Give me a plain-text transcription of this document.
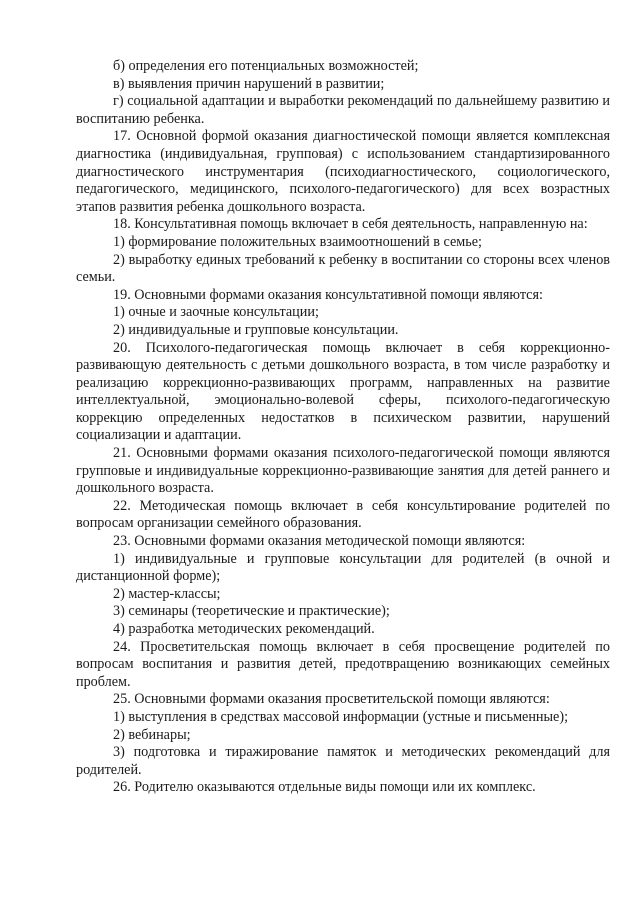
б) определения его потенциальных возможностей;

в) выявления причин нарушений в развитии;

г) социальной адаптации и выработки рекомендаций по дальнейшему развитию и воспитанию ребенка.

17. Основной формой оказания диагностической помощи является комплексная диагностика (индивидуальная, групповая) с использованием стандартизированного диагностического инструментария (психодиагностического, социологического, педагогического, медицинского, психолого-педагогического) для всех возрастных этапов развития ребенка дошкольного возраста.

18. Консультативная помощь включает в себя деятельность, направленную на:

1) формирование положительных взаимоотношений в семье;

2) выработку единых требований к ребенку в воспитании со стороны всех членов семьи.

19. Основными формами оказания консультативной помощи являются:

1) очные и заочные консультации;

2) индивидуальные и групповые консультации.

20. Психолого-педагогическая помощь включает в себя коррекционно-развивающую деятельность с детьми дошкольного возраста, в том числе разработку и реализацию коррекционно-развивающих программ, направленных на развитие интеллектуальной, эмоционально-волевой сферы, психолого-педагогическую коррекцию определенных недостатков в психическом развитии, нарушений социализации и адаптации.

21. Основными формами оказания психолого-педагогической помощи являются групповые и индивидуальные коррекционно-развивающие занятия для детей раннего и дошкольного возраста.

22. Методическая помощь включает в себя консультирование родителей по вопросам организации семейного образования.

23. Основными формами оказания методической помощи являются:

1) индивидуальные и групповые консультации для родителей (в очной и дистанционной форме);

2) мастер-классы;

3) семинары (теоретические и практические);

4) разработка методических рекомендаций.

24. Просветительская помощь включает в себя просвещение родителей по вопросам воспитания и развития детей, предотвращению возникающих семейных проблем.

25. Основными формами оказания просветительской помощи являются:

1) выступления в средствах массовой информации (устные и письменные);

2) вебинары;

3) подготовка и тиражирование памяток и методических рекомендаций для родителей.

26. Родителю оказываются отдельные виды помощи или их комплекс.
